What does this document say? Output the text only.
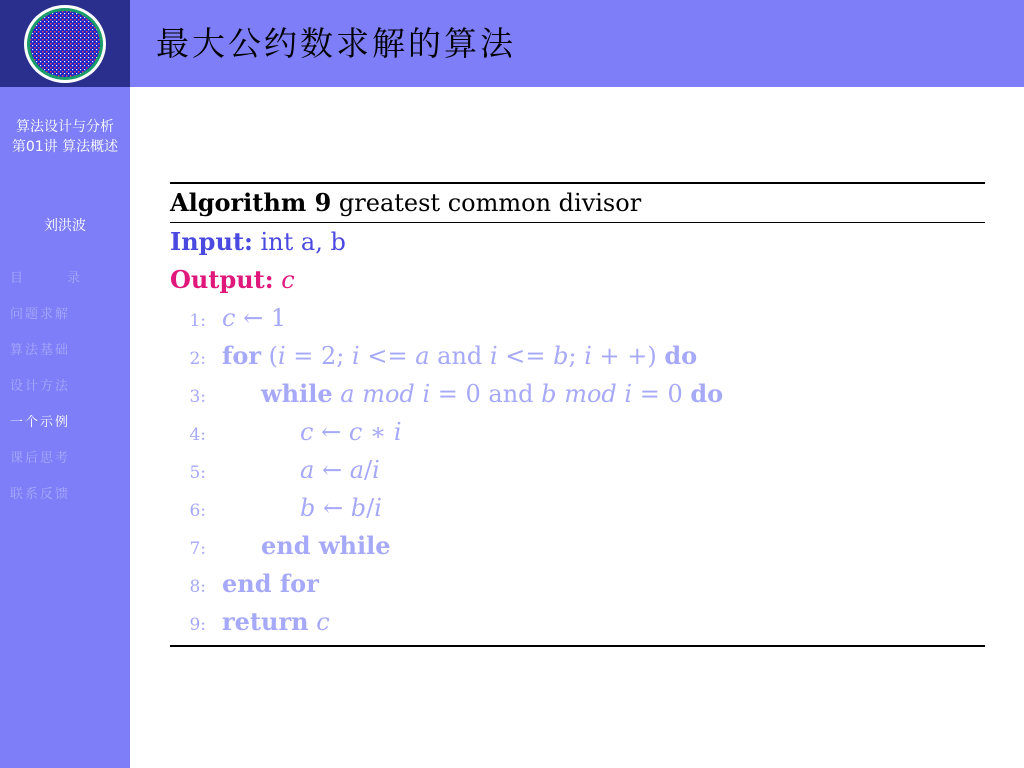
最大公约数求解的算法
算法设计与分析
第01讲 算法概述
刘洪波
目 录
问题求解
算法基础
设计方法
一个示例
课后思考
联系反馈
Algorithm 9 greatest common divisor
Input: int a, b
Output: c
1: c ← 1
2: for (i = 2; i <= a and i <= b; i + +) do
3: while a mod i = 0 and b mod i = 0 do
4:	c ← c ∗ i
5:	a ← a/i
6:	b ← b/i
7: end while
8: end for
9: return c
